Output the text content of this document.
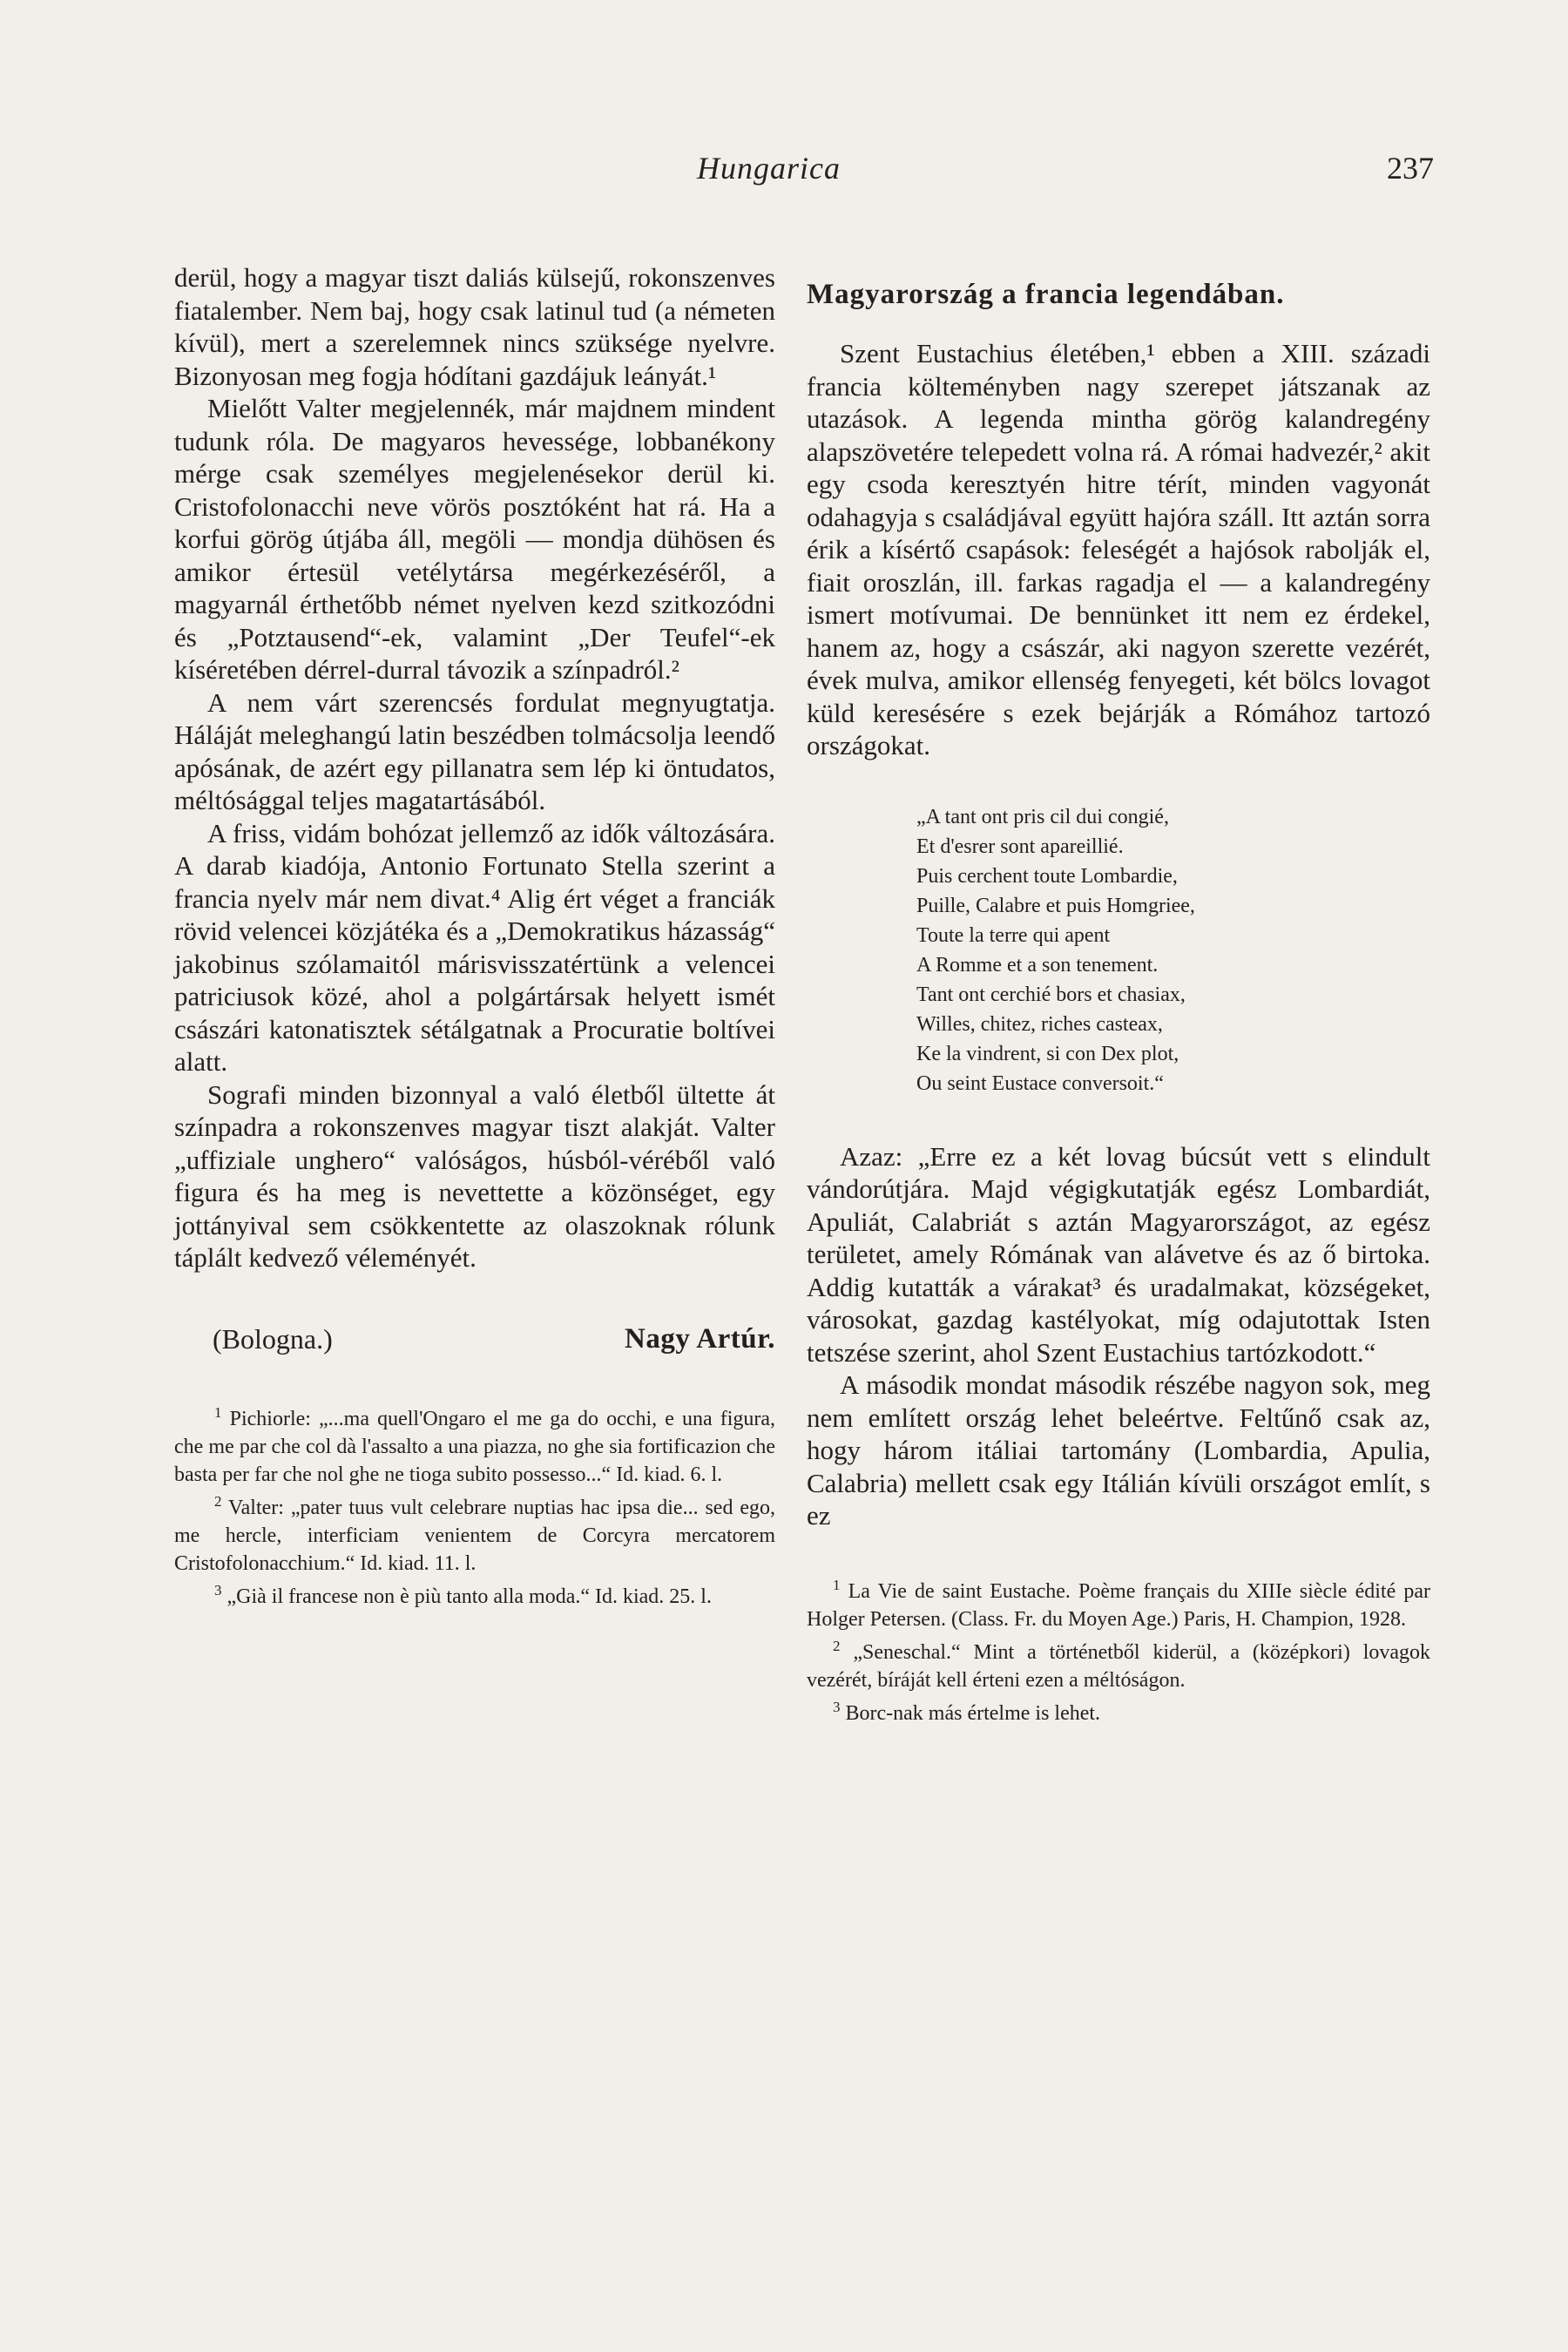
Hungarica	237

derül, hogy a magyar tiszt daliás külsejű, rokonszenves fiatalember. Nem baj, hogy csak latinul tud (a németen kívül), mert a szerelemnek nincs szüksége nyelvre. Bizonyosan meg fogja hódítani gazdájuk leányát.¹

Mielőtt Valter megjelennék, már majdnem mindent tudunk róla. De magyaros hevessége, lobbanékony mérge csak személyes megjelenésekor derül ki. Cristofolonacchi neve vörös posztóként hat rá. Ha a korfui görög útjába áll, megöli — mondja dühösen és amikor értesül vetélytársa megérkezéséről, a magyarnál érthetőbb német nyelven kezd szitkozódni és „Potztausend“-ek, valamint „Der Teufel“-ek kíséretében dérrel-durral távozik a színpadról.²

A nem várt szerencsés fordulat megnyugtatja. Háláját meleghangú latin beszédben tolmácsolja leendő apósának, de azért egy pillanatra sem lép ki öntudatos, méltósággal teljes magatartásából.

A friss, vidám bohózat jellemző az idők változására. A darab kiadója, Antonio Fortunato Stella szerint a francia nyelv már nem divat.⁴ Alig ért véget a franciák rövid velencei közjátéka és a „Demokratikus házasság“ jakobinus szólamaitól márisvisszatértünk a velencei patriciusok közé, ahol a polgártársak helyett ismét császári katonatisztek sétálgatnak a Procuratie boltívei alatt.

Sografi minden bizonnyal a való életből ültette át színpadra a rokonszenves magyar tiszt alakját. Valter „uffiziale unghero“ valóságos, húsból-véréből való figura és ha meg is nevettette a közönséget, egy jottányival sem csökkentette az olaszoknak rólunk táplált kedvező véleményét.

(Bologna.)	Nagy Artúr.

$^1$ Pichiorle: „...ma quell'Ongaro el me ga do occhi, e una figura, che me par che col dà l'assalto a una piazza, no ghe sia fortificazion che basta per far che nol ghe ne tioga subito possesso...“ Id. kiad. 6. l.

$^2$ Valter: „pater tuus vult celebrare nuptias hac ipsa die... sed ego, me hercle, interficiam venientem de Corcyra mercatorem Cristofolonacchium.“ Id. kiad. 11. l.

$^3$ „Già il francese non è più tanto alla moda.“ Id. kiad. 25. l.

Magyarország a francia legendában.

Szent Eustachius életében,¹ ebben a XIII. századi francia költeményben nagy szerepet játszanak az utazások. A legenda mintha görög kalandregény alapszövetére telepedett volna rá. A római hadvezér,² akit egy csoda keresztyén hitre térít, minden vagyonát odahagyja s családjával együtt hajóra száll. Itt aztán sorra érik a kísértő csapások: feleségét a hajósok rabolják el, fiait oroszlán, ill. farkas ragadja el — a kalandregény ismert motívumai. De bennünket itt nem ez érdekel, hanem az, hogy a császár, aki nagyon szerette vezérét, évek mulva, amikor ellenség fenyegeti, két bölcs lovagot küld keresésére s ezek bejárják a Rómához tartozó országokat.

„A tant ont pris cil dui congié,
Et d'esrer sont apareillié.
Puis cerchent toute Lombardie,
Puille, Calabre et puis Homgriee,
Toute la terre qui apent
A Romme et a son tenement.
Tant ont cerchié bors et chasiax,
Willes, chitez, riches casteax,
Ke la vindrent, si con Dex plot,
Ou seint Eustace conversoit.“

Azaz: „Erre ez a két lovag búcsút vett s elindult vándorútjára. Majd végigkutatják egész Lombardiát, Apuliát, Calabriát s aztán Magyarországot, az egész területet, amely Rómának van alávetve és az ő birtoka. Addig kutatták a várakat³ és uradalmakat, községeket, városokat, gazdag kastélyokat, míg odajutottak Isten tetszése szerint, ahol Szent Eustachius tartózkodott.“

A második mondat második részébe nagyon sok, meg nem említett ország lehet beleértve. Feltűnő csak az, hogy három itáliai tartomány (Lombardia, Apulia, Calabria) mellett csak egy Itálián kívüli országot említ, s ez

$^1$ La Vie de saint Eustache. Poème français du XIIIe siècle édité par Holger Petersen. (Class. Fr. du Moyen Age.) Paris, H. Champion, 1928.

$^2$ „Seneschal.“ Mint a történetből kiderül, a (középkori) lovagok vezérét, bíráját kell érteni ezen a méltóságon.

$^3$ Borc-nak más értelme is lehet.
